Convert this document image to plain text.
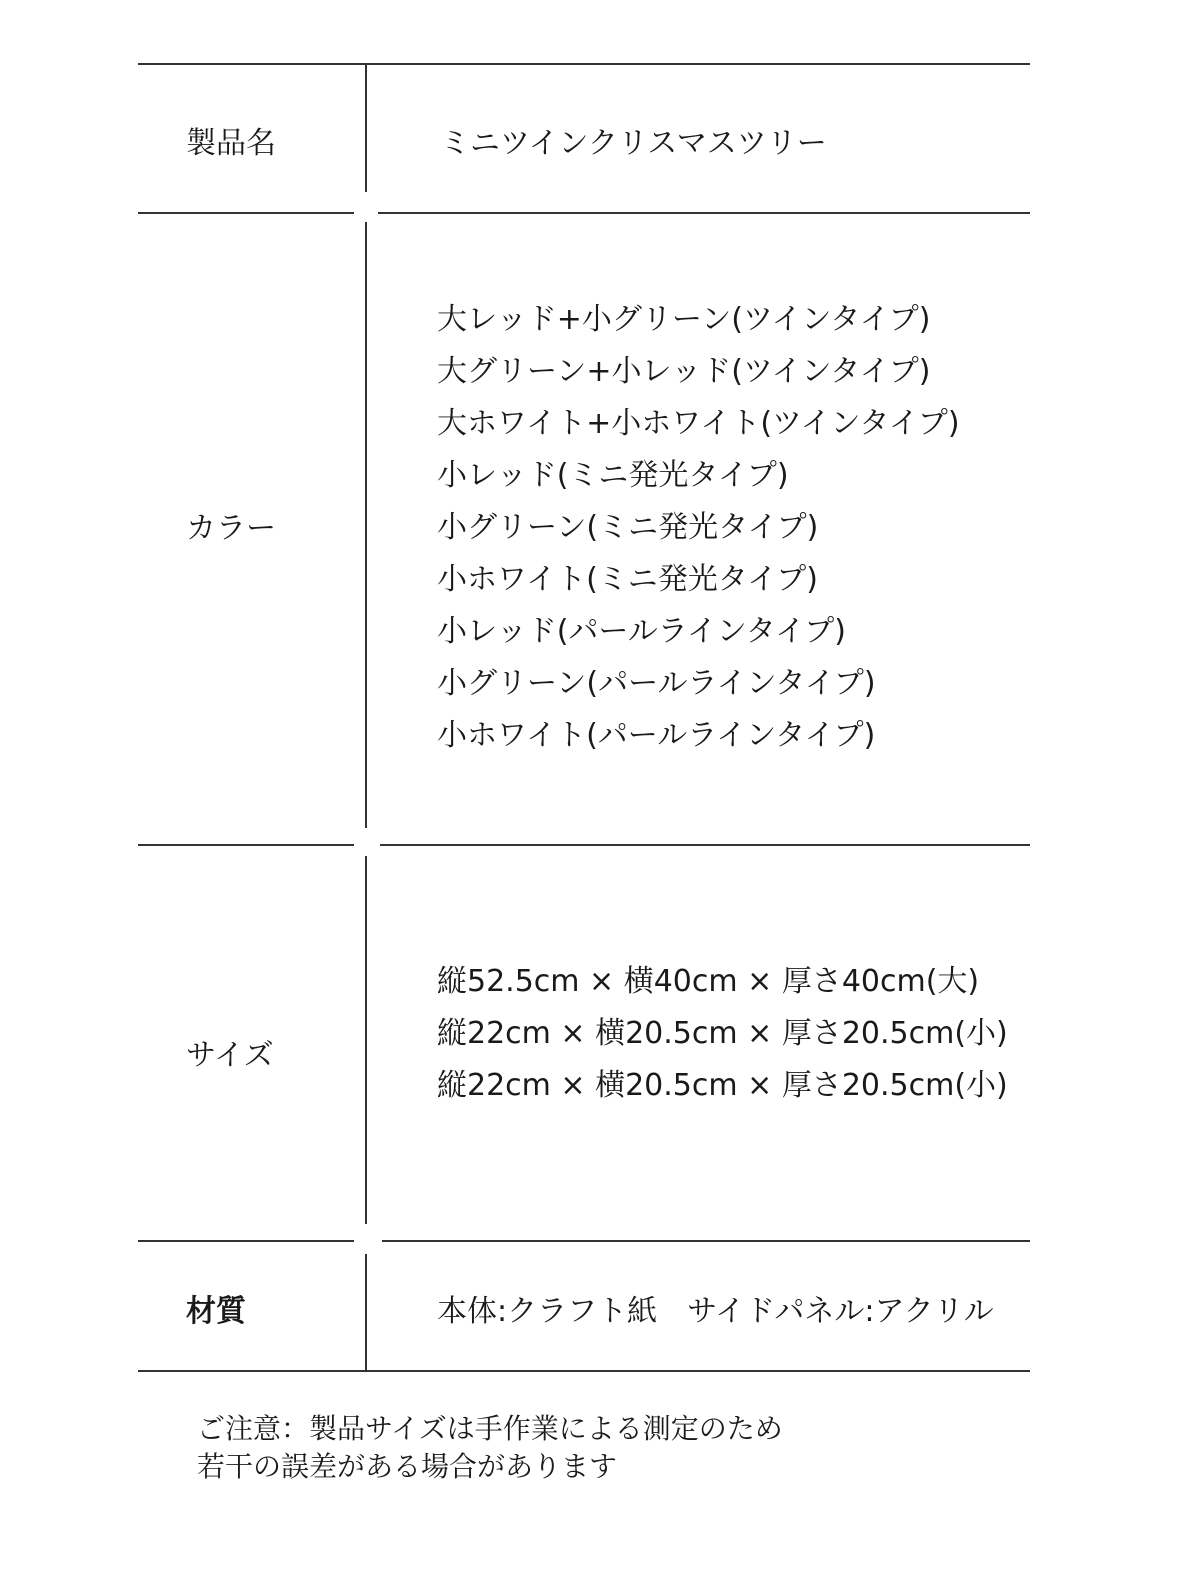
製品名	ミニツインクリスマスツリー
カラー
大レッド+小グリーン(ツインタイプ)
大グリーン+小レッド(ツインタイプ)
大ホワイト+小ホワイト(ツインタイプ)
小レッド(ミニ発光タイプ)
小グリーン(ミニ発光タイプ)
小ホワイト(ミニ発光タイプ)
小レッド(パールラインタイプ)
小グリーン(パールラインタイプ)
小ホワイト(パールラインタイプ)
サイズ
縦52.5cm × 横40cm × 厚さ40cm(大)
縦22cm × 横20.5cm × 厚さ20.5cm(小)
縦22cm × 横20.5cm × 厚さ20.5cm(小)
材質	本体:クラフト紙　サイドパネル:アクリル
ご注意：製品サイズは手作業による測定のため
若干の誤差がある場合があります
